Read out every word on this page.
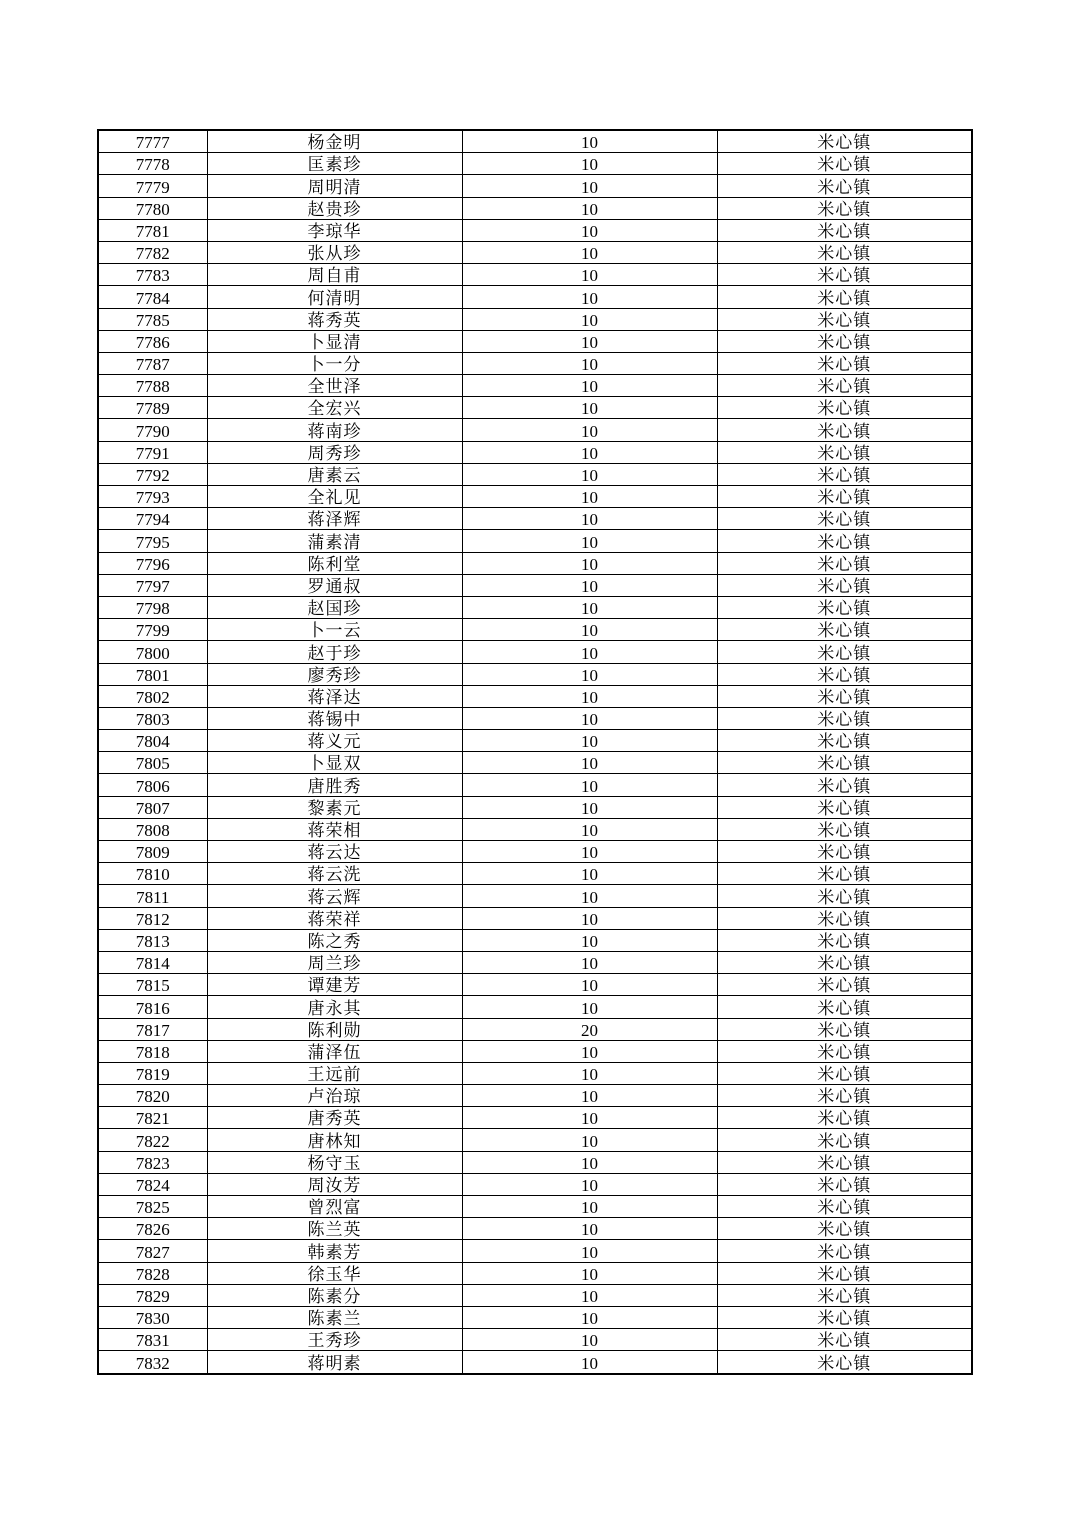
7777	杨金明	10	米心镇
7778	匡素珍	10	米心镇
7779	周明清	10	米心镇
7780	赵贵珍	10	米心镇
7781	李琼华	10	米心镇
7782	张从珍	10	米心镇
7783	周自甫	10	米心镇
7784	何清明	10	米心镇
7785	蒋秀英	10	米心镇
7786	卜显清	10	米心镇
7787	卜一分	10	米心镇
7788	全世泽	10	米心镇
7789	全宏兴	10	米心镇
7790	蒋南珍	10	米心镇
7791	周秀珍	10	米心镇
7792	唐素云	10	米心镇
7793	全礼见	10	米心镇
7794	蒋泽辉	10	米心镇
7795	蒲素清	10	米心镇
7796	陈利堂	10	米心镇
7797	罗通叔	10	米心镇
7798	赵国珍	10	米心镇
7799	卜一云	10	米心镇
7800	赵于珍	10	米心镇
7801	廖秀珍	10	米心镇
7802	蒋泽达	10	米心镇
7803	蒋锡中	10	米心镇
7804	蒋义元	10	米心镇
7805	卜显双	10	米心镇
7806	唐胜秀	10	米心镇
7807	黎素元	10	米心镇
7808	蒋荣相	10	米心镇
7809	蒋云达	10	米心镇
7810	蒋云洗	10	米心镇
7811	蒋云辉	10	米心镇
7812	蒋荣祥	10	米心镇
7813	陈之秀	10	米心镇
7814	周兰珍	10	米心镇
7815	谭建芳	10	米心镇
7816	唐永其	10	米心镇
7817	陈利勋	20	米心镇
7818	蒲泽伍	10	米心镇
7819	王远前	10	米心镇
7820	卢治琼	10	米心镇
7821	唐秀英	10	米心镇
7822	唐林知	10	米心镇
7823	杨守玉	10	米心镇
7824	周汝芳	10	米心镇
7825	曾烈富	10	米心镇
7826	陈兰英	10	米心镇
7827	韩素芳	10	米心镇
7828	徐玉华	10	米心镇
7829	陈素分	10	米心镇
7830	陈素兰	10	米心镇
7831	王秀珍	10	米心镇
7832	蒋明素	10	米心镇
